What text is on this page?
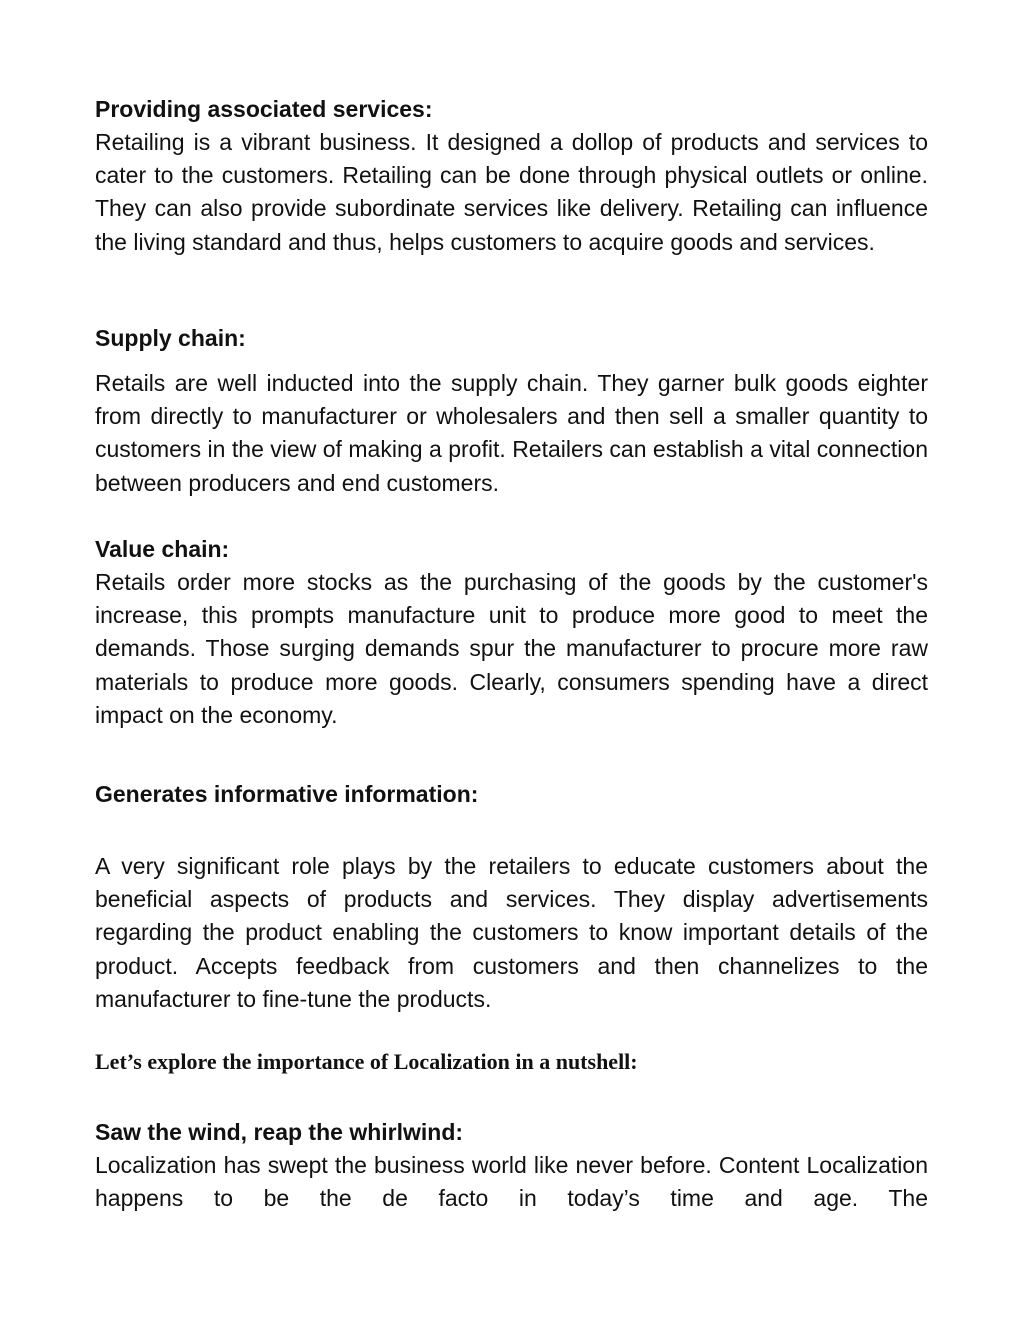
Providing associated services:

Retailing is a vibrant business. It designed a dollop of products and services to cater to the customers. Retailing can be done through physical outlets or online. They can also provide subordinate services like delivery. Retailing can influence the living standard and thus, helps customers to acquire goods and services.

Supply chain:

Retails are well inducted into the supply chain. They garner bulk goods eighter from directly to manufacturer or wholesalers and then sell a smaller quantity to customers in the view of making a profit. Retailers can establish a vital connection between producers and end customers.

Value chain:

Retails order more stocks as the purchasing of the goods by the customer's increase, this prompts manufacture unit to produce more good to meet the demands. Those surging demands spur the manufacturer to procure more raw materials to produce more goods. Clearly, consumers spending have a direct impact on the economy.

Generates informative information:

A very significant role plays by the retailers to educate customers about the beneficial aspects of products and services. They display advertisements regarding the product enabling the customers to know important details of the product. Accepts feedback from customers and then channelizes to the manufacturer to fine-tune the products.

Let’s explore the importance of Localization in a nutshell:
Saw the wind, reap the whirlwind:

Localization has swept the business world like never before. Content Localization happens to be the de facto in today’s time and age. The
